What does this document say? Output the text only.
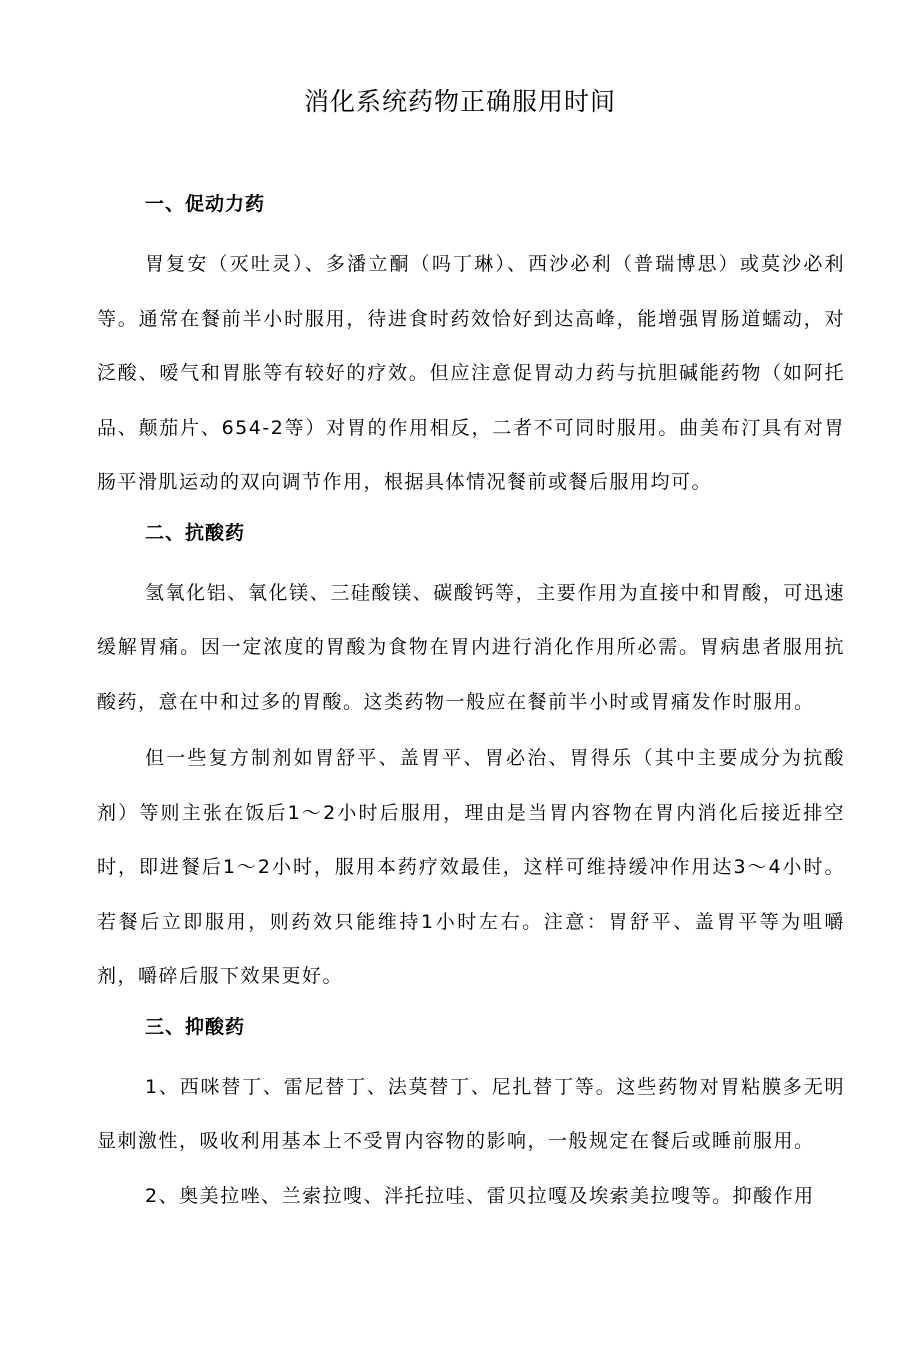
消化系统药物正确服用时间
一、促动力药

胃复安（灭吐灵）、多潘立酮（吗丁琳）、西沙必利（普瑞博思）或莫沙必利等。通常在餐前半小时服用，待进食时药效恰好到达高峰，能增强胃肠道蠕动，对泛酸、嗳气和胃胀等有较好的疗效。但应注意促胃动力药与抗胆碱能药物（如阿托品、颠茄片、654-2等）对胃的作用相反，二者不可同时服用。曲美布汀具有对胃肠平滑肌运动的双向调节作用，根据具体情况餐前或餐后服用均可。

二、抗酸药

氢氧化铝、氧化镁、三硅酸镁、碳酸钙等，主要作用为直接中和胃酸，可迅速缓解胃痛。因一定浓度的胃酸为食物在胃内进行消化作用所必需。胃病患者服用抗酸药，意在中和过多的胃酸。这类药物一般应在餐前半小时或胃痛发作时服用。

但一些复方制剂如胃舒平、盖胃平、胃必治、胃得乐（其中主要成分为抗酸剂）等则主张在饭后1～2小时后服用，理由是当胃内容物在胃内消化后接近排空时，即进餐后1～2小时，服用本药疗效最佳，这样可维持缓冲作用达3～4小时。若餐后立即服用，则药效只能维持1小时左右。注意：胃舒平、盖胃平等为咀嚼剂，嚼碎后服下效果更好。

三、抑酸药

1、西咪替丁、雷尼替丁、法莫替丁、尼扎替丁等。这些药物对胃粘膜多无明显刺激性，吸收利用基本上不受胃内容物的影响，一般规定在餐后或睡前服用。

2、奥美拉唑、兰索拉嗖、泮托拉哇、雷贝拉嘎及埃索美拉嗖等。抑酸作用
